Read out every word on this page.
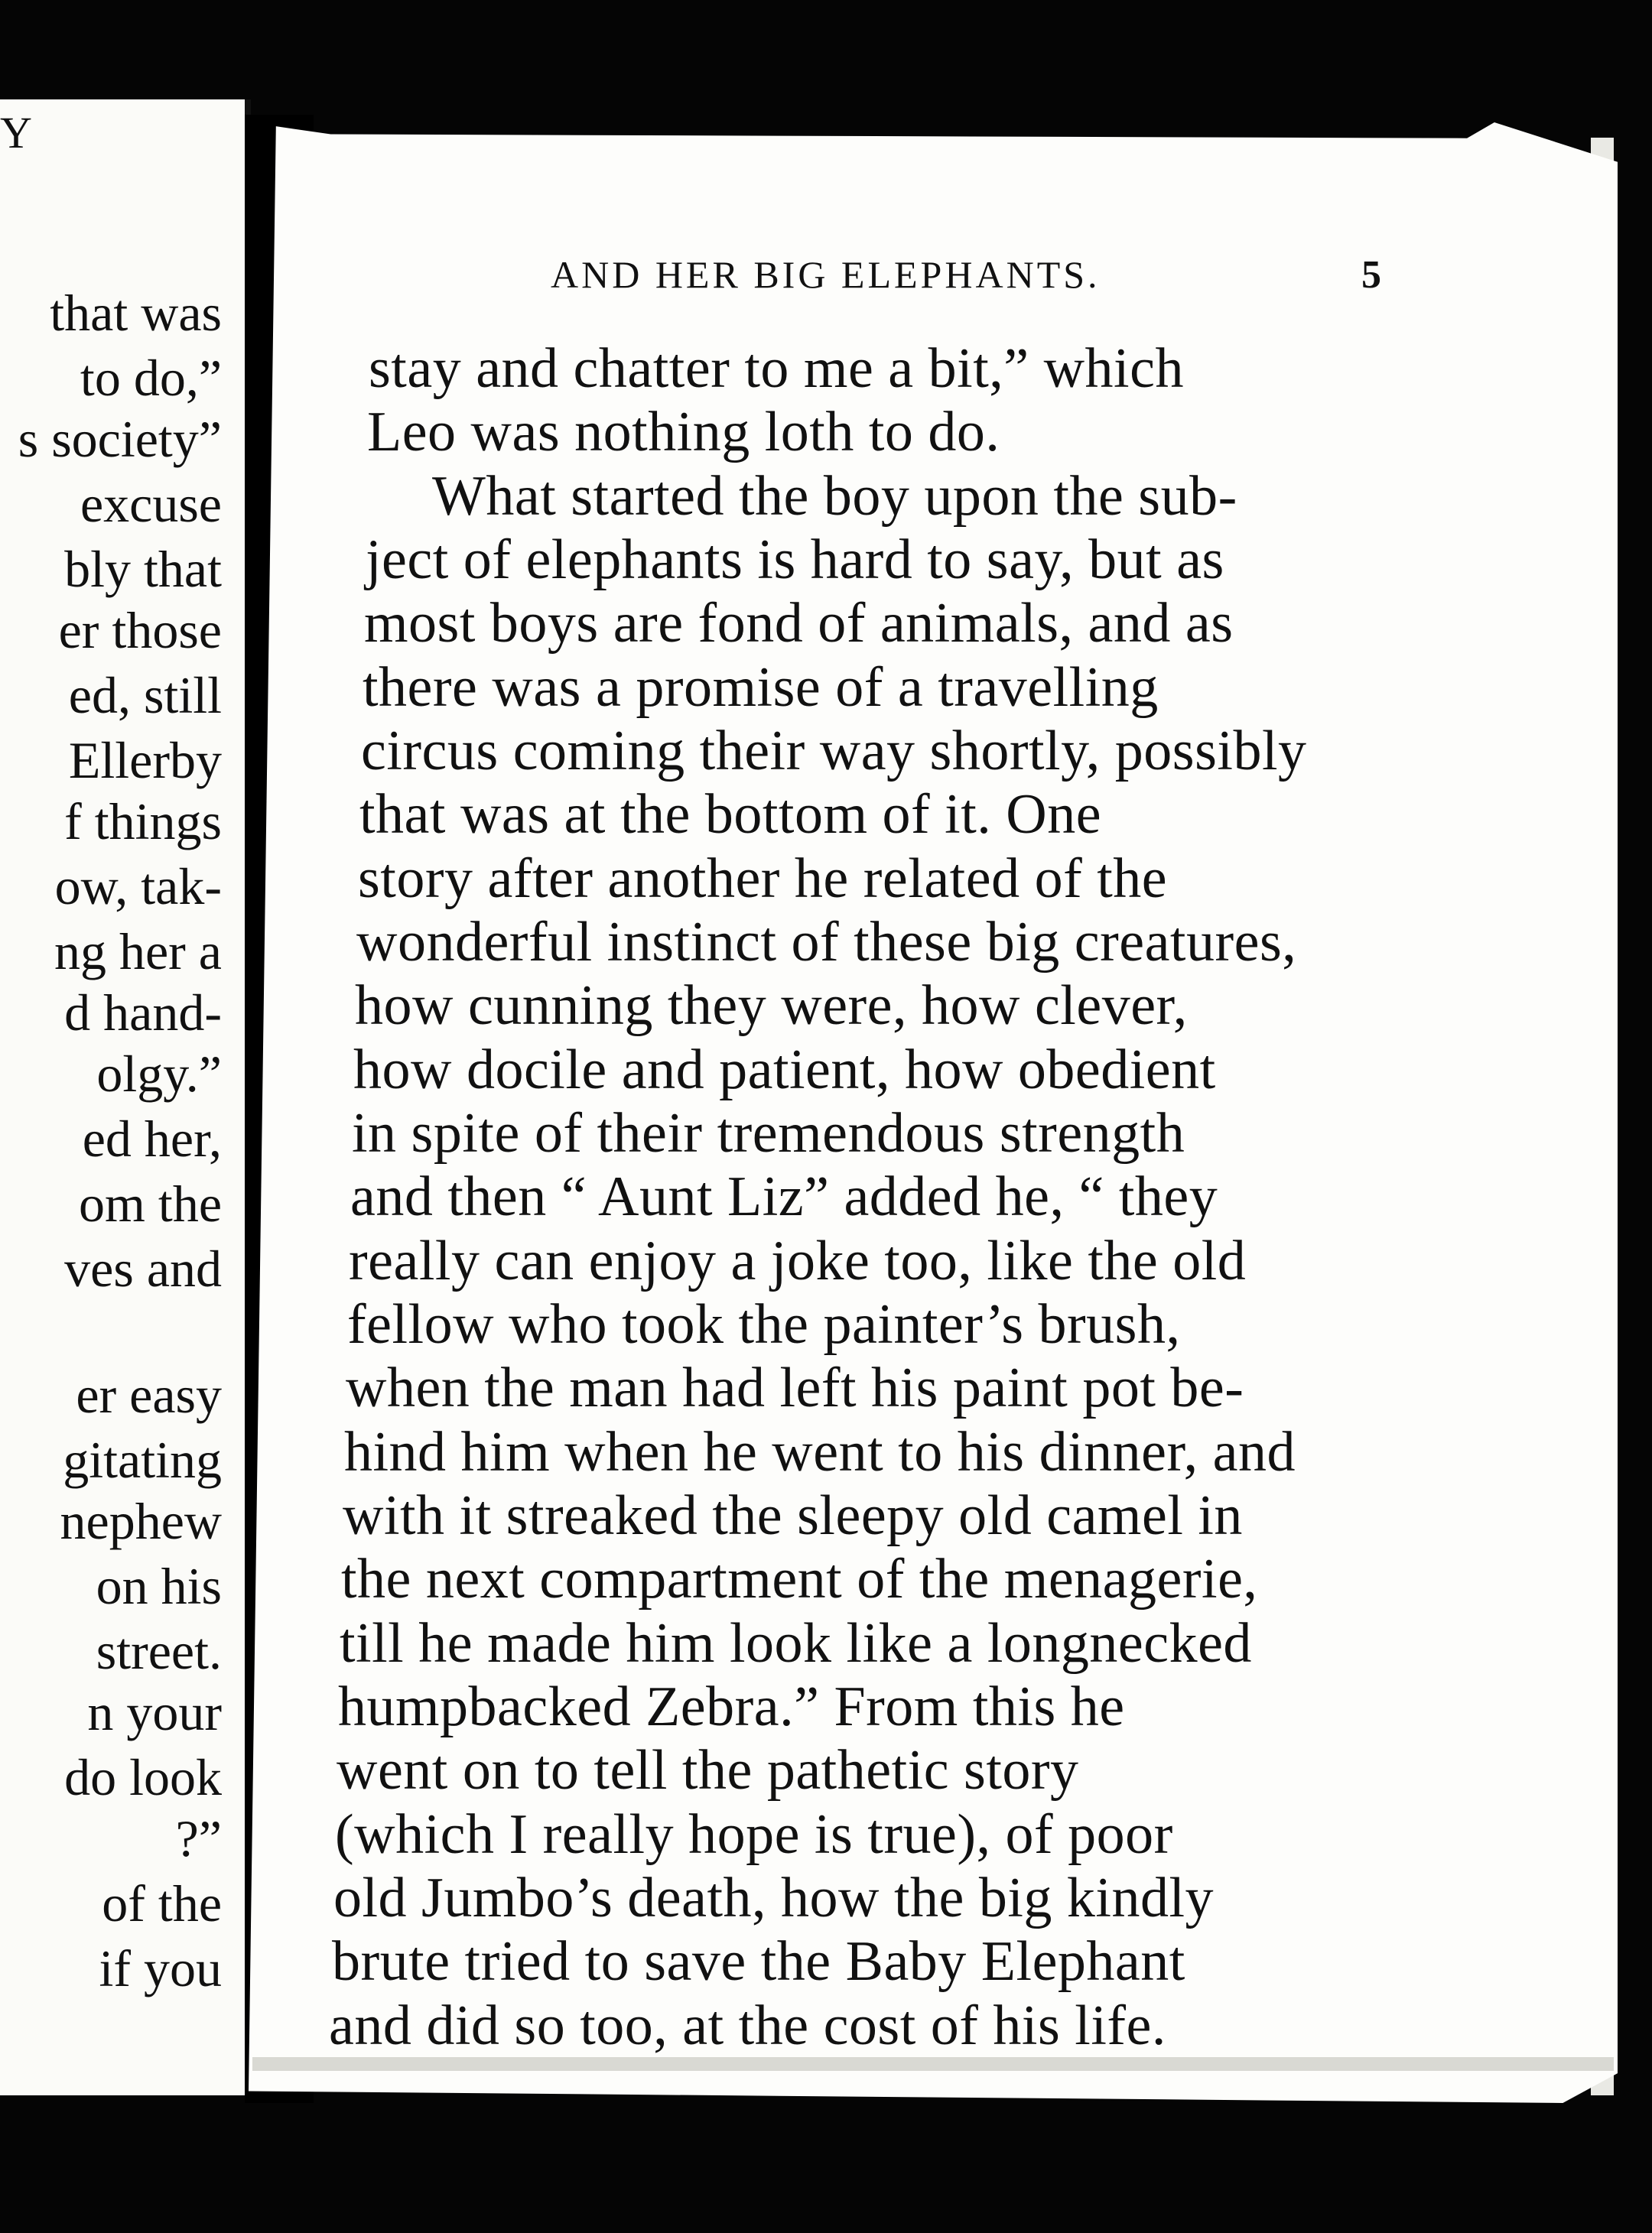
Y
that was
to do,”
s society”
excuse
bly that
er those
ed, still
Ellerby
f things
ow, tak-
ng her a
d hand-
olgy.”
ed her,
om the
ves and
er easy
gitating
nephew
on his
street.
n your
do look
?”
of the
if you
AND HER BIG ELEPHANTS.	5
stay and chatter to me a bit,” which
Leo was nothing loth to do.
What started the boy upon the sub-
ject of elephants is hard to say, but as
most boys are fond of animals, and as
there was a promise of a travelling
circus coming their way shortly, possibly
that was at the bottom of it. One
story after another he related of the
wonderful instinct of these big creatures,
how cunning they were, how clever,
how docile and patient, how obedient
in spite of their tremendous strength
and then “ Aunt Liz” added he, “ they
really can enjoy a joke too, like the old
fellow who took the painter’s brush,
when the man had left his paint pot be-
hind him when he went to his dinner, and
with it streaked the sleepy old camel in
the next compartment of the menagerie,
till he made him look like a longnecked
humpbacked Zebra.” From this he
went on to tell the pathetic story
(which I really hope is true), of poor
old Jumbo’s death, how the big kindly
brute tried to save the Baby Elephant
and did so too, at the cost of his life.
